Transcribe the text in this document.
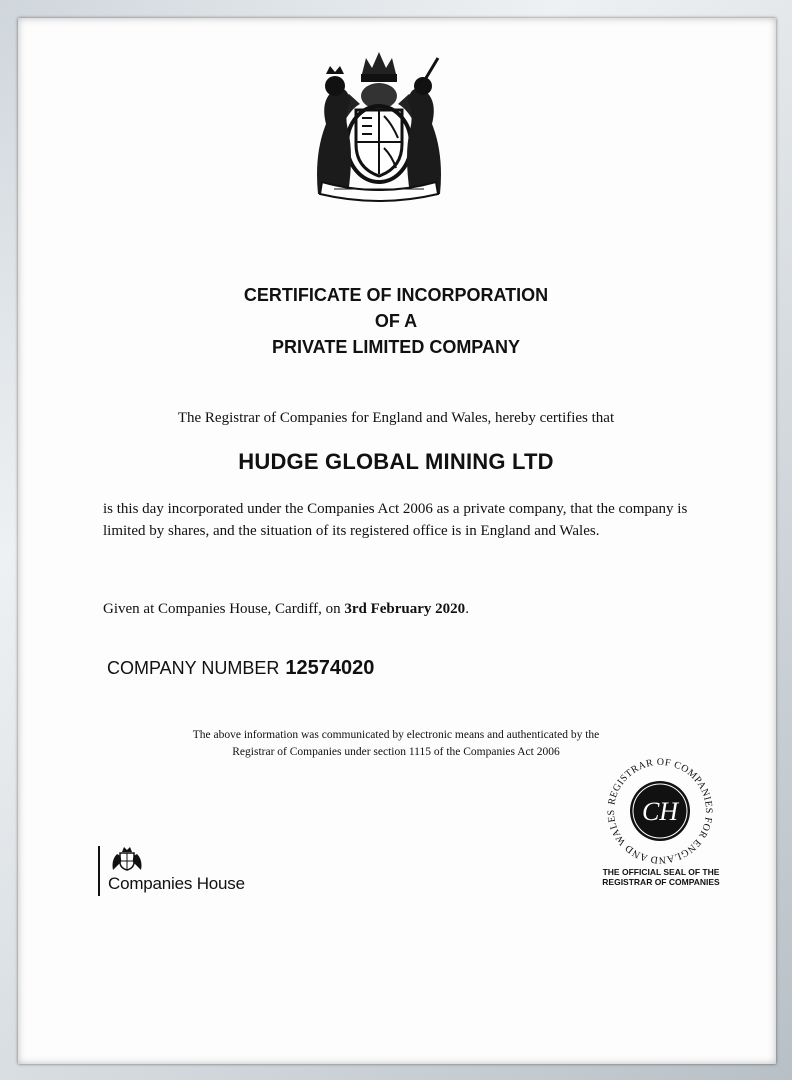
CERTIFICATE OF INCORPORATION
OF A
PRIVATE LIMITED COMPANY
The Registrar of Companies for England and Wales, hereby certifies that
HUDGE GLOBAL MINING LTD
is this day incorporated under the Companies Act 2006 as a private company, that the company is limited by shares, and the situation of its registered office is in England and Wales.
Given at Companies House, Cardiff, on 3rd February 2020.
COMPANY NUMBER 12574020
The above information was communicated by electronic means and authenticated by the
Registrar of Companies under section 1115 of the Companies Act 2006
Companies House
REGISTRAR OF COMPANIES FOR ENGLAND AND WALES CH
THE OFFICIAL SEAL OF THE
REGISTRAR OF COMPANIES
